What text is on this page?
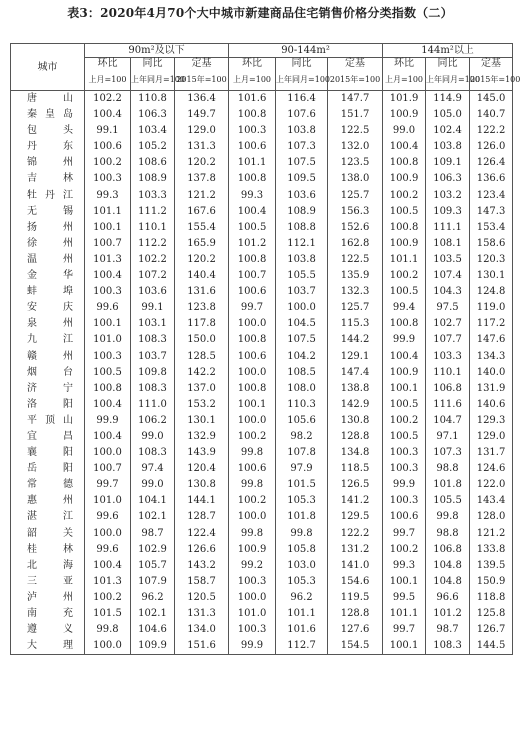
表3：2020年4月70个大中城市新建商品住宅销售价格分类指数（二）
城市	90m²及以下			90-144m²			144m²以上		
	环比	同比	定基	环比	同比	定基	环比	同比	定基
	上月=100	上年同月=100	2015年=100	上月=100	上年同月=100	2015年=100	上月=100	上年同月=100	2015年=100
唐山	102.2	110.8	136.4	101.6	116.4	147.7	101.9	114.9	145.0
秦皇岛	100.4	106.3	149.7	100.8	107.6	151.7	100.9	105.0	140.7
包头	99.1	103.4	129.0	100.3	103.8	122.5	99.0	102.4	122.2
丹东	100.6	105.2	131.3	100.6	107.3	132.0	100.4	103.8	126.0
锦州	100.2	108.6	120.2	101.1	107.5	123.5	100.8	109.1	126.4
吉林	100.3	108.9	137.8	100.8	109.5	138.0	100.9	106.3	136.6
牡丹江	99.3	103.3	121.2	99.3	103.6	125.7	100.2	103.2	123.4
无锡	101.1	111.2	167.6	100.4	108.9	156.3	100.5	109.3	147.3
扬州	100.1	110.1	155.4	100.5	108.8	152.6	100.8	111.1	153.4
徐州	100.7	112.2	165.9	101.2	112.1	162.8	100.9	108.1	158.6
温州	101.3	102.2	120.2	100.8	103.8	122.5	101.1	103.5	120.3
金华	100.4	107.2	140.4	100.7	105.5	135.9	100.2	107.4	130.1
蚌埠	100.3	103.6	131.6	100.6	103.7	132.3	100.5	104.3	124.8
安庆	99.6	99.1	123.8	99.7	100.0	125.7	99.4	97.5	119.0
泉州	100.1	103.1	117.8	100.0	104.5	115.3	100.8	102.7	117.2
九江	101.0	108.3	150.0	100.8	107.5	144.2	99.9	107.7	147.6
赣州	100.3	103.7	128.5	100.6	104.2	129.1	100.4	103.3	134.3
烟台	100.5	109.8	142.2	100.0	108.5	147.4	100.9	110.1	140.0
济宁	100.8	108.3	137.0	100.8	108.0	138.8	100.1	106.8	131.9
洛阳	100.4	111.0	153.2	100.1	110.3	142.9	100.5	111.6	140.6
平顶山	99.9	106.2	130.1	100.0	105.6	130.8	100.2	104.7	129.3
宜昌	100.4	99.0	132.9	100.2	98.2	128.8	100.5	97.1	129.0
襄阳	100.0	108.3	143.9	99.8	107.8	134.8	100.3	107.3	131.7
岳阳	100.7	97.4	120.4	100.6	97.9	118.5	100.3	98.8	124.6
常德	99.7	99.0	130.8	99.8	101.5	126.5	99.9	101.8	122.0
惠州	101.0	104.1	144.1	100.2	105.3	141.2	100.3	105.5	143.4
湛江	99.6	102.1	128.7	100.0	101.8	129.5	100.6	99.8	128.0
韶关	100.0	98.7	122.4	99.8	99.8	122.2	99.7	98.8	121.2
桂林	99.6	102.9	126.6	100.9	105.8	131.2	100.2	106.8	133.8
北海	100.4	105.7	143.2	99.2	103.0	141.0	99.3	104.8	139.5
三亚	101.3	107.9	158.7	100.3	105.3	154.6	100.1	104.8	150.9
泸州	100.2	96.2	120.5	100.0	96.2	119.5	99.5	96.6	118.8
南充	101.5	102.1	131.3	101.0	101.1	128.8	101.1	101.2	125.8
遵义	99.8	104.6	134.0	100.3	101.6	127.6	99.7	98.7	126.7
大理	100.0	109.9	151.6	99.9	112.7	154.5	100.1	108.3	144.5
